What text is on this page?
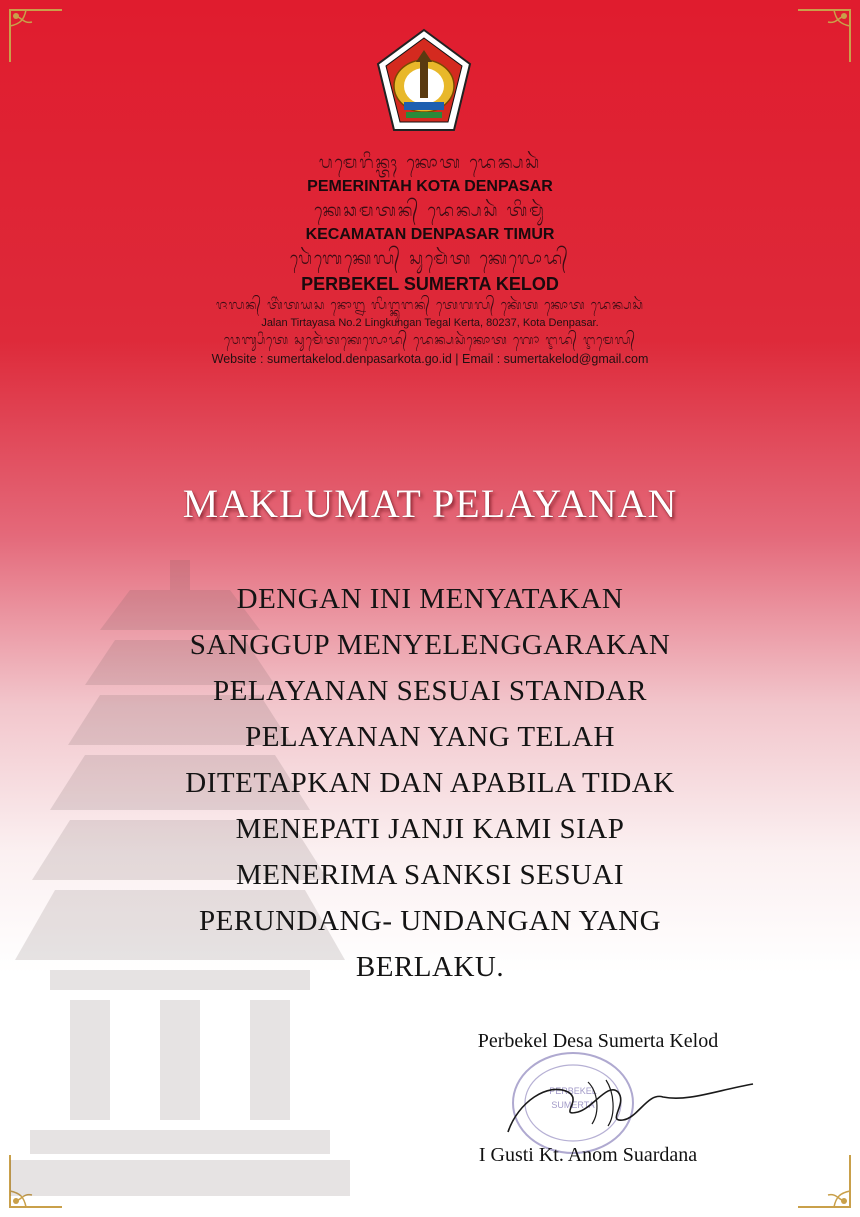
ᬧᬫᬾᬭᬶᬦ᭄ᬢᬄ ᬓᭀᬢ ᬤᬾᬦ᭄ᬧᬲᬃ
PEMERINTAH KOTA DENPASAR
ᬓᬾᬘᬫᬢᬦ᭄ ᬤᬾᬦ᭄ᬧᬲᬃ ᬢᬶᬫᬸᬃ
KECAMATAN DENPASAR TIMUR
ᬧᬾᬃᬩᬾᬓᬾᬮ᭄ ᬲᬸᬫᬾᬃᬢ ᬓᬾᬮᭀᬤ᭄
PERBEKEL SUMERTA KELOD
ᬚᬮᬦ᭄ ᬢᬶᬃᬢᬬᬲ ᬦᭀ᭒ ᬮᬶᬗ᭄ᬓᬸᬗᬦ᭄ ᬢᬾᬕᬮ᭄ ᬓᬾᬃᬢ ᬓᭀᬢ ᬤᬾᬦ᭄ᬧᬲᬃ
Jalan Tirtayasa No.2 Lingkungan Tegal Kerta, 80237, Kota Denpasar.
ᬯᬾᬩ᭄ᬲᬶᬢᬾ ᬲᬸᬫᬾᬃᬢᬓᬾᬮᭀᬤ᭄ ᬤᬾᬦ᭄ᬧᬲᬃᬓᭀᬢ ᬕᭀ ᬇᬤ᭄ ᬇᬫᬾᬮ᭄
Website : sumertakelod.denpasarkota.go.id | Email : sumertakelod@gmail.com
MAKLUMAT PELAYANAN
DENGAN INI MENYATAKAN
SANGGUP MENYELENGGARAKAN
PELAYANAN SESUAI STANDAR
PELAYANAN YANG TELAH
DITETAPKAN DAN APABILA TIDAK
MENEPATI JANJI KAMI SIAP
MENERIMA SANKSI SESUAI
PERUNDANG- UNDANGAN YANG
BERLAKU.
Perbekel Desa Sumerta Kelod
PERBEKEL
SUMERTA
I Gusti Kt. Anom Suardana
